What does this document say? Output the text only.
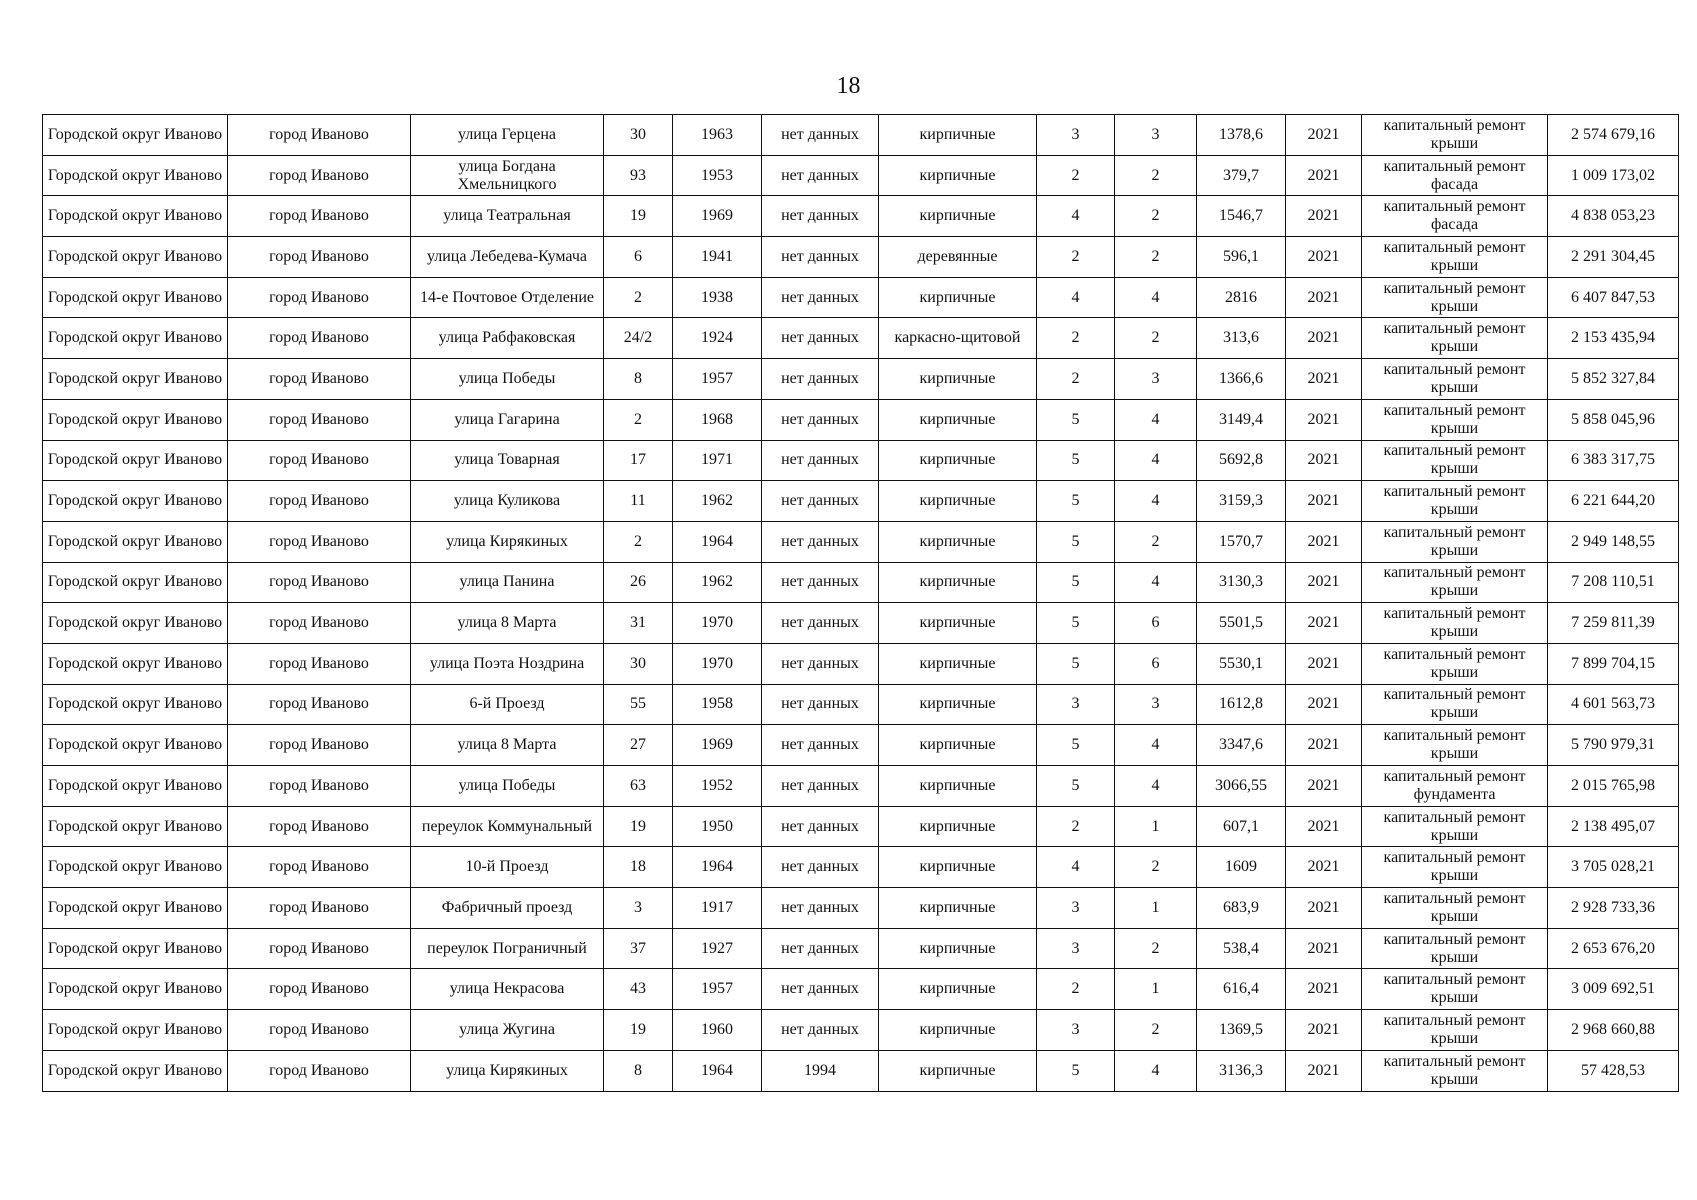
18
Городской округ Иваново	город Иваново	улица Герцена	30	1963	нет данных	кирпичные	3	3	1378,6	2021	капитальный ремонт крыши	2 574 679,16
Городской округ Иваново	город Иваново	улица Богдана Хмельницкого	93	1953	нет данных	кирпичные	2	2	379,7	2021	капитальный ремонт фасада	1 009 173,02
Городской округ Иваново	город Иваново	улица Театральная	19	1969	нет данных	кирпичные	4	2	1546,7	2021	капитальный ремонт фасада	4 838 053,23
Городской округ Иваново	город Иваново	улица Лебедева-Кумача	6	1941	нет данных	деревянные	2	2	596,1	2021	капитальный ремонт крыши	2 291 304,45
Городской округ Иваново	город Иваново	14-е Почтовое Отделение	2	1938	нет данных	кирпичные	4	4	2816	2021	капитальный ремонт крыши	6 407 847,53
Городской округ Иваново	город Иваново	улица Рабфаковская	24/2	1924	нет данных	каркасно-щитовой	2	2	313,6	2021	капитальный ремонт крыши	2 153 435,94
Городской округ Иваново	город Иваново	улица Победы	8	1957	нет данных	кирпичные	2	3	1366,6	2021	капитальный ремонт крыши	5 852 327,84
Городской округ Иваново	город Иваново	улица Гагарина	2	1968	нет данных	кирпичные	5	4	3149,4	2021	капитальный ремонт крыши	5 858 045,96
Городской округ Иваново	город Иваново	улица Товарная	17	1971	нет данных	кирпичные	5	4	5692,8	2021	капитальный ремонт крыши	6 383 317,75
Городской округ Иваново	город Иваново	улица Куликова	11	1962	нет данных	кирпичные	5	4	3159,3	2021	капитальный ремонт крыши	6 221 644,20
Городской округ Иваново	город Иваново	улица Кирякиных	2	1964	нет данных	кирпичные	5	2	1570,7	2021	капитальный ремонт крыши	2 949 148,55
Городской округ Иваново	город Иваново	улица Панина	26	1962	нет данных	кирпичные	5	4	3130,3	2021	капитальный ремонт крыши	7 208 110,51
Городской округ Иваново	город Иваново	улица 8 Марта	31	1970	нет данных	кирпичные	5	6	5501,5	2021	капитальный ремонт крыши	7 259 811,39
Городской округ Иваново	город Иваново	улица Поэта Ноздрина	30	1970	нет данных	кирпичные	5	6	5530,1	2021	капитальный ремонт крыши	7 899 704,15
Городской округ Иваново	город Иваново	6-й Проезд	55	1958	нет данных	кирпичные	3	3	1612,8	2021	капитальный ремонт крыши	4 601 563,73
Городской округ Иваново	город Иваново	улица 8 Марта	27	1969	нет данных	кирпичные	5	4	3347,6	2021	капитальный ремонт крыши	5 790 979,31
Городской округ Иваново	город Иваново	улица Победы	63	1952	нет данных	кирпичные	5	4	3066,55	2021	капитальный ремонт фундамента	2 015 765,98
Городской округ Иваново	город Иваново	переулок Коммунальный	19	1950	нет данных	кирпичные	2	1	607,1	2021	капитальный ремонт крыши	2 138 495,07
Городской округ Иваново	город Иваново	10-й Проезд	18	1964	нет данных	кирпичные	4	2	1609	2021	капитальный ремонт крыши	3 705 028,21
Городской округ Иваново	город Иваново	Фабричный проезд	3	1917	нет данных	кирпичные	3	1	683,9	2021	капитальный ремонт крыши	2 928 733,36
Городской округ Иваново	город Иваново	переулок Пограничный	37	1927	нет данных	кирпичные	3	2	538,4	2021	капитальный ремонт крыши	2 653 676,20
Городской округ Иваново	город Иваново	улица Некрасова	43	1957	нет данных	кирпичные	2	1	616,4	2021	капитальный ремонт крыши	3 009 692,51
Городской округ Иваново	город Иваново	улица Жугина	19	1960	нет данных	кирпичные	3	2	1369,5	2021	капитальный ремонт крыши	2 968 660,88
Городской округ Иваново	город Иваново	улица Кирякиных	8	1964	1994	кирпичные	5	4	3136,3	2021	капитальный ремонт крыши	57 428,53
